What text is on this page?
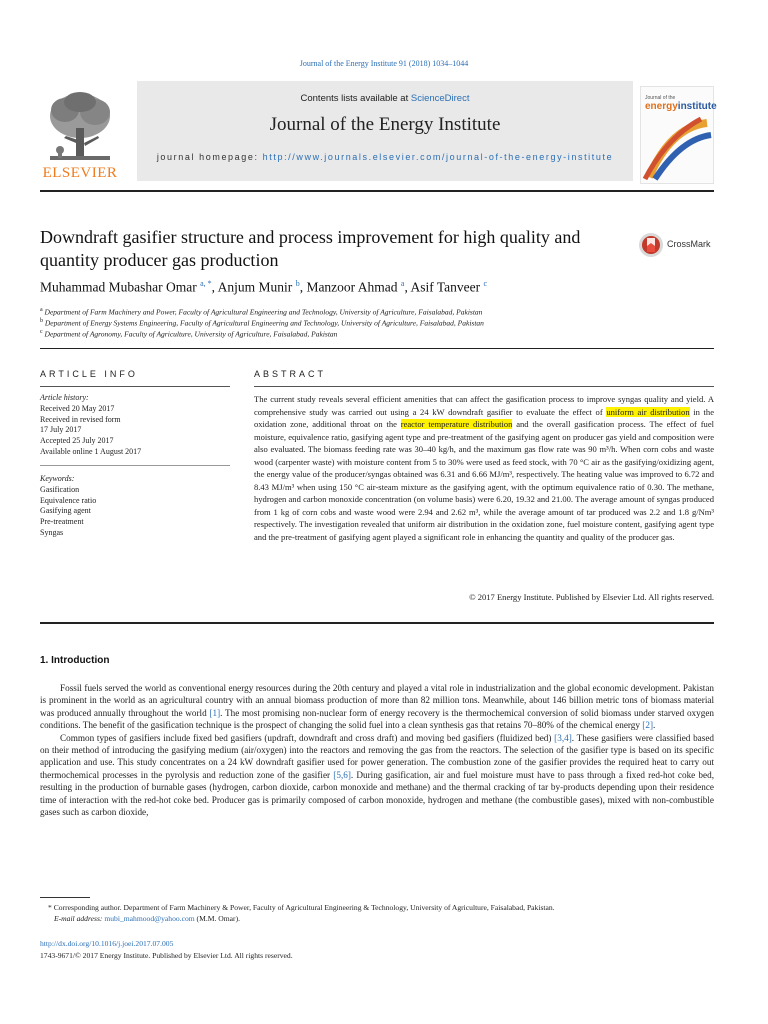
Journal of the Energy Institute 91 (2018) 1034–1044
ELSEVIER
Contents lists available at ScienceDirect
Journal of the Energy Institute
journal homepage: http://www.journals.elsevier.com/journal-of-the-energy-institute
Journal of the
energyinstitute
Downdraft gasifier structure and process improvement for high quality and quantity producer gas production
CrossMark
Muhammad Mubashar Omar $^{a, *}$, Anjum Munir $^b$, Manzoor Ahmad $^a$, Asif Tanveer $^c$
$^a$ Department of Farm Machinery and Power, Faculty of Agricultural Engineering and Technology, University of Agriculture, Faisalabad, Pakistan
$^b$ Department of Energy Systems Engineering, Faculty of Agricultural Engineering and Technology, University of Agriculture, Faisalabad, Pakistan
$^c$ Department of Agronomy, Faculty of Agriculture, University of Agriculture, Faisalabad, Pakistan
ARTICLE INFO
Article history:
Received 20 May 2017
Received in revised form
17 July 2017
Accepted 25 July 2017
Available online 1 August 2017
Keywords:
Gasification
Equivalence ratio
Gasifying agent
Pre-treatment
Syngas
ABSTRACT
The current study reveals several efficient amenities that can affect the gasification process to improve syngas quality and yield. A comprehensive study was carried out using a 24 kW downdraft gasifier to evaluate the effect of uniform air distribution in the oxidation zone, additional throat on the reactor temperature distribution and the overall gasification process. The effect of fuel moisture, equivalence ratio, gasifying agent type and pre-treatment of the gasifying agent on producer gas yield and composition were also evaluated. The biomass feeding rate was 30–40 kg/h, and the maximum gas flow rate was 90 m³/h. When corn cobs and waste wood (carpenter waste) with moisture content from 5 to 30% were used as feed stock, with 70 °C air as the gasifying/oxidizing agent, the energy value of the producer/syngas obtained was 6.31 and 6.66 MJ/m³, respectively. The heating value was improved to 6.72 and 8.43 MJ/m³ when using 150 °C air-steam mixture as the gasifying agent, with the optimum equivalence ratio of 0.30. The methane, hydrogen and carbon monoxide concentration (on volume basis) were 6.20, 19.32 and 21.00. The average amount of syngas produced from 1 kg of corn cobs and waste wood were 2.94 and 2.62 m³, while the average amount of tar produced was 2.2 and 1.8 g/Nm³ respectively. The investigation revealed that uniform air distribution in the oxidation zone, fuel moisture content, gasifying agent type and the pre-treatment of gasifying agent played a significant role in enhancing the quantity and quality of the producer gas.
© 2017 Energy Institute. Published by Elsevier Ltd. All rights reserved.
1. Introduction

Fossil fuels served the world as conventional energy resources during the 20th century and played a vital role in industrialization and the global economic development. Pakistan is prominent in the world as an agricultural country with an annual biomass production of more than 82 million tons. Meanwhile, about 146 billion metric tons of biomass material was produced annually throughout the world [1]. The most promising non-nuclear form of energy recovery is the thermochemical conversion of solid biomass under starved oxygen conditions. The benefit of the gasification technique is the prospect of changing the solid fuel into a clean synthesis gas that retains 70–80% of the chemical energy [2].

Common types of gasifiers include fixed bed gasifiers (updraft, downdraft and cross draft) and moving bed gasifiers (fluidized bed) [3,4]. These gasifiers were classified based on their method of introducing the gasifying medium (air/oxygen) into the reactors and removing the gas from the reactors. The selection of the gasifier type is based on its specific application and use. This study concentrates on a 24 kW downdraft gasifier used for power generation. The combustion zone of the gasifier provides the required heat to carry out thermochemical processes in the pyrolysis and reduction zone of the gasifier [5,6]. During gasification, air and fuel moisture must have to pass through a fixed red-hot coke bed, resulting in the production of burnable gases (hydrogen, carbon dioxide, carbon monoxide and methane) and the thermal cracking of tar by-products depending upon their residence time of interaction with the red-hot coke bed. Producer gas is primarily composed of carbon monoxide, hydrogen and methane (the combustible gases), mixed with non-combustible gases such as carbon dioxide,

* Corresponding author. Department of Farm Machinery & Power, Faculty of Agricultural Engineering & Technology, University of Agriculture, Faisalabad, Pakistan.
E-mail address: mubi_mahmood@yahoo.com (M.M. Omar).
http://dx.doi.org/10.1016/j.joei.2017.07.005
1743-9671/© 2017 Energy Institute. Published by Elsevier Ltd. All rights reserved.
